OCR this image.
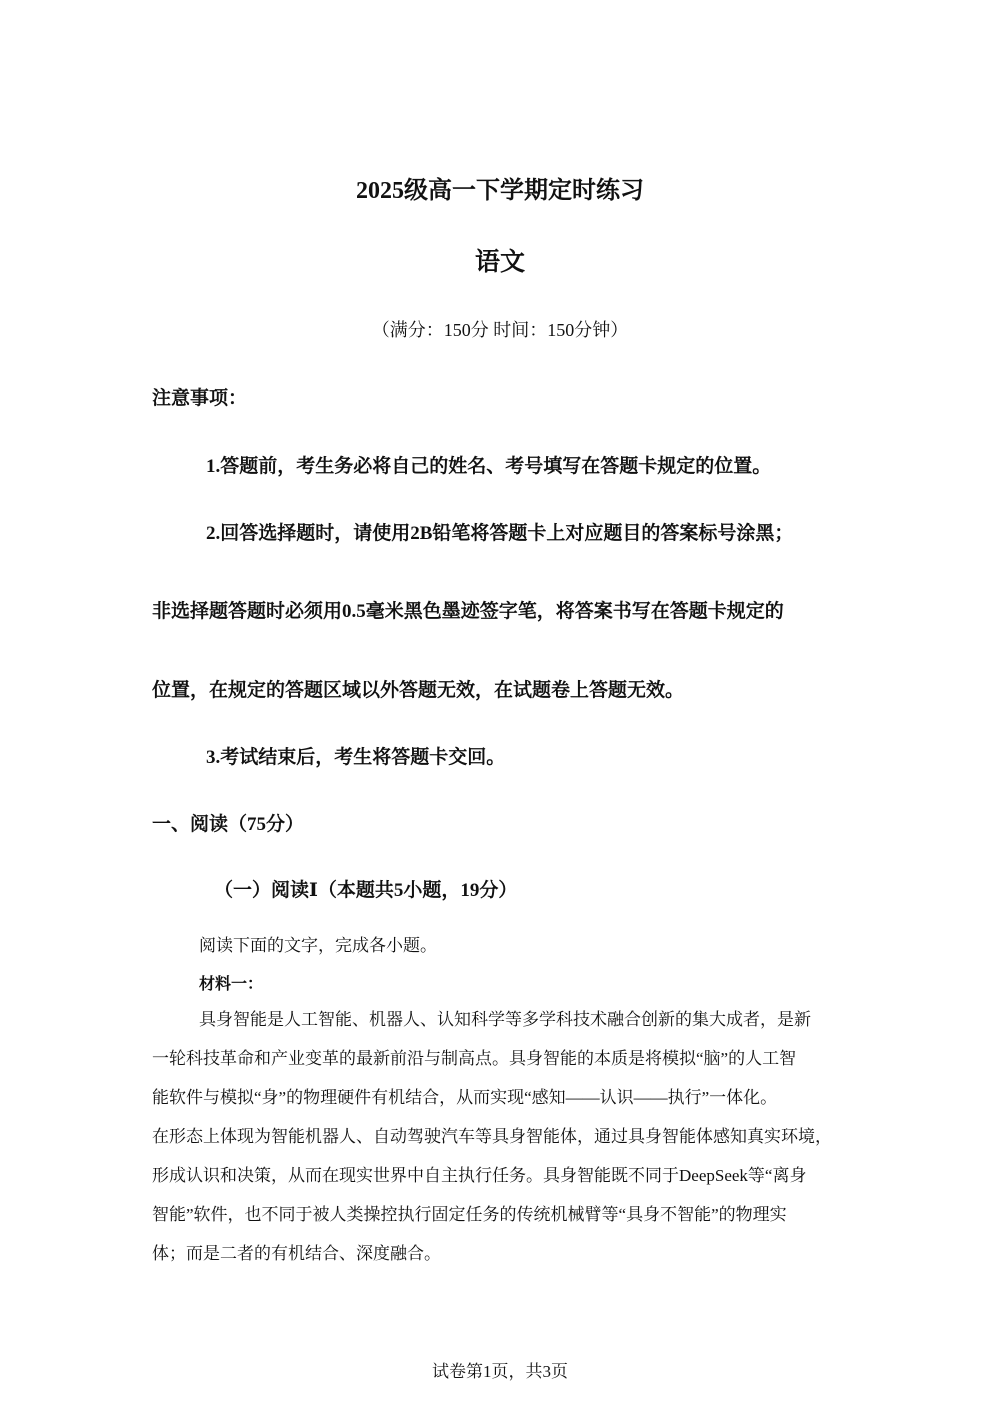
2025级高一下学期定时练习
语文
（满分：150分 时间：150分钟）
注意事项：
1.答题前，考生务必将自己的姓名、考号填写在答题卡规定的位置。
2.回答选择题时，请使用2B铅笔将答题卡上对应题目的答案标号涂黑；
非选择题答题时必须用0.5毫米黑色墨迹签字笔，将答案书写在答题卡规定的
位置，在规定的答题区域以外答题无效，在试题卷上答题无效。
3.考试结束后，考生将答题卡交回。
一、阅读（75分）
（一）阅读Ⅰ（本题共5小题，19分）
阅读下面的文字，完成各小题。
材料一：
具身智能是人工智能、机器人、认知科学等多学科技术融合创新的集大成者，是新
一轮科技革命和产业变革的最新前沿与制高点。具身智能的本质是将模拟“脑”的人工智
能软件与模拟“身”的物理硬件有机结合，从而实现“感知——认识——执行”一体化。
在形态上体现为智能机器人、自动驾驶汽车等具身智能体，通过具身智能体感知真实环境，
形成认识和决策，从而在现实世界中自主执行任务。具身智能既不同于DeepSeek等“离身
智能”软件，也不同于被人类操控执行固定任务的传统机械臂等“具身不智能”的物理实
体；而是二者的有机结合、深度融合。
试卷第1页，共3页
